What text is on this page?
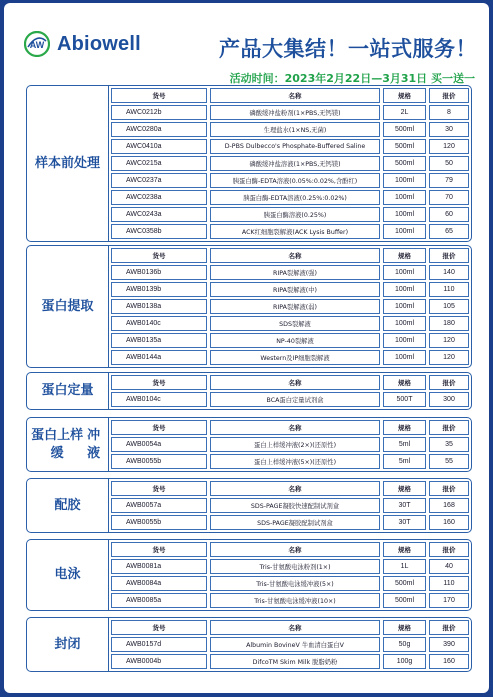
AW Abiowell	产品大集结！一站式服务！
活动时间：2023年2月22日—3月31日 买一送一
样本前 处理
货号	名称	规格	报价
AWC0212b	磷酸缓冲盐粉剂(1×PBS,无钙镁)	2L	8
AWC0280a	生理盐水(1×NS,无菌)	500ml	30
AWC0410a	D-PBS Dulbecco's Phosphate-Buffered Saline	500ml	120
AWC0215a	磷酸缓冲盐溶液(1×PBS,无钙镁)	500ml	50
AWC0237a	胰蛋白酶-EDTA溶液(0.05%:0.02%,含酚红)	100ml	79
AWC0238a	胰蛋白酶-EDTA溶液(0.25%:0.02%)	100ml	70
AWC0243a	胰蛋白酶溶液(0.25%)	100ml	60
AWC0358b	ACK红细胞裂解液(ACK Lysis Buffer)	100ml	65
蛋白提取
货号	名称	规格	报价
AWB0136b	RIPA裂解液(强)	100ml	140
AWB0139b	RIPA裂解液(中)	100ml	110
AWB0138a	RIPA裂解液(弱)	100ml	105
AWB0140c	SDS裂解液	100ml	180
AWB0135a	NP-40裂解液	100ml	120
AWB0144a	Western及IP细胞裂解液	100ml	120
蛋白定量	货号	名称	规格	报价
AWB0104c	BCA蛋白定量试剂盒	500T	300
蛋白上样缓

冲液
货号	名称	规格	报价
AWB0054a	蛋白上样缓冲液(2×)(还原性)	5ml	35
AWB0055b	蛋白上样缓冲液(5×)(还原性)	5ml	55
配胶
货号	名称	规格	报价
AWB0057a	SDS-PAGE凝胶快速配制试剂盒	30T	168
AWB0055b	SDS-PAGE凝胶配制试剂盒	30T	160
电泳
货号	名称	规格	报价
AWB0081a	Tris-甘氨酸电泳粉剂(1×)	1L	40
AWB0084a	Tris-甘氨酸电泳缓冲液(5×)	500ml	110
AWB0085a	Tris-甘氨酸电泳缓冲液(10×)	500ml	170
封闭
货号	名称	规格	报价
AWB0157d	Albumin BovineV 牛血清白蛋白V	50g	390
AWB0004b	DifcoTM Skim Milk 脱脂奶粉	100g	160
